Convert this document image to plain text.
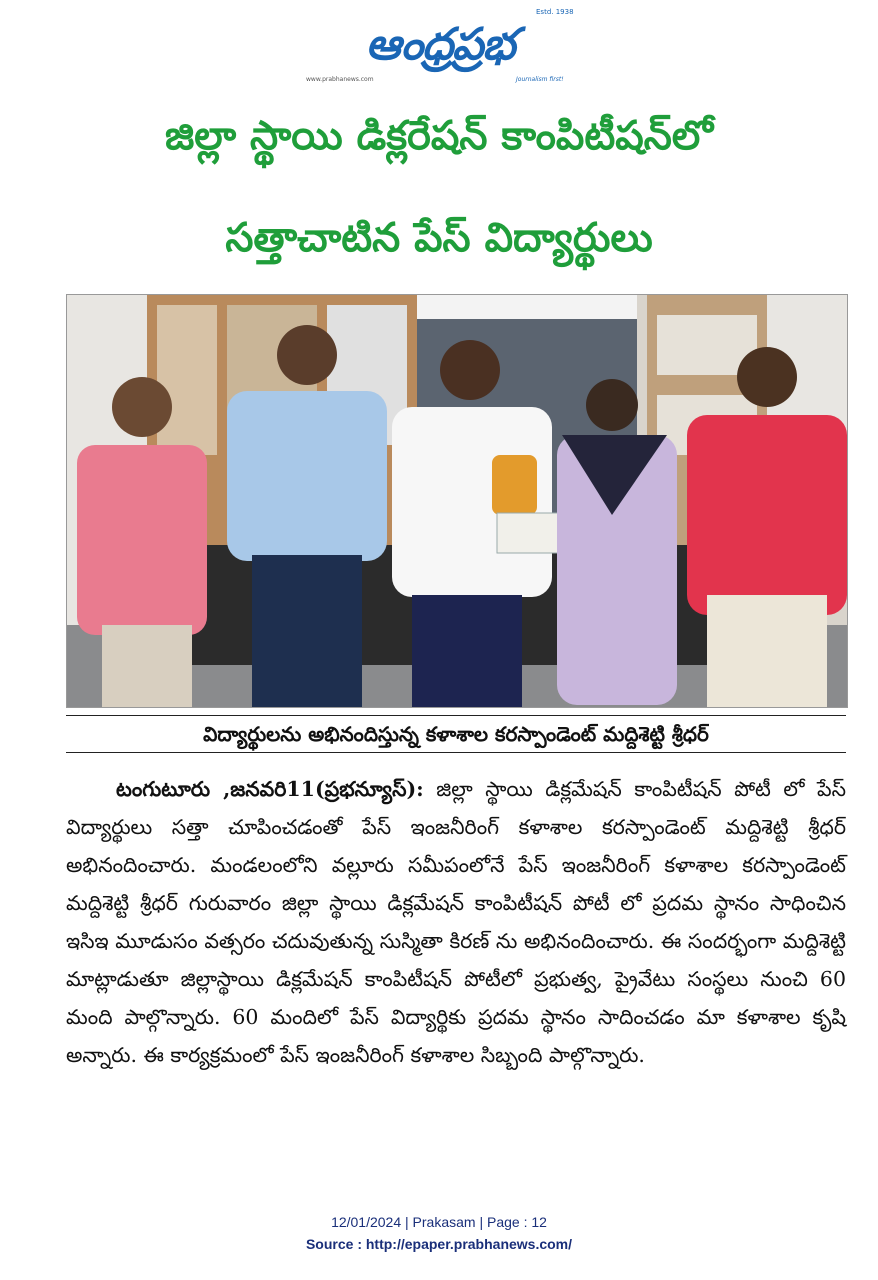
ఆంధ్రప్రభ
Estd. 1938
www.prabhanews.com	Journalism first!
జిల్లా స్థాయి డిక్లరేషన్ కాంపిటీషన్‌లో
సత్తాచాటిన పేస్ విద్యార్థులు
విద్యార్థులను అభినందిస్తున్న కళాశాల కరస్పాండెంట్ మద్దిశెట్టి శ్రీధర్
టంగుటూరు ,జనవరి11(ప్రభన్యూస్): జిల్లా స్థాయి డిక్లమేషన్ కాంపిటీషన్ పోటీ లో పేస్ విద్యార్థులు సత్తా చూపించడంతో పేస్ ఇంజనీరింగ్ కళాశాల కరస్పాండెంట్ మద్దిశెట్టి శ్రీధర్ అభినందించారు. మండలంలోని వల్లూరు సమీపంలోనే పేస్ ఇంజనీరింగ్ కళాశాల కరస్పాండెంట్ మద్దిశెట్టి శ్రీధర్ గురువారం జిల్లా స్థాయి డిక్లమేషన్ కాంపిటీషన్ పోటీ లో ప్రదమ స్థానం సాధించిన ఇసిఇ మూడుసం వత్సరం చదువుతున్న సుస్మితా కిరణ్ ను అభినందించారు. ఈ సందర్భంగా మద్దిశెట్టి మాట్లాడుతూ జిల్లాస్థాయి డిక్లమేషన్ కాంపిటీషన్ పోటీలో ప్రభుత్వ, ప్రైవేటు సంస్థలు నుంచి 60 మంది పాల్గొన్నారు. 60 మందిలో పేస్ విద్యార్థికు ప్రదమ స్థానం సాదించడం మా కళాశాల కృషి అన్నారు. ఈ కార్యక్రమంలో పేస్ ఇంజనీరింగ్ కళాశాల సిబ్బంది పాల్గొన్నారు.
12/01/2024 | Prakasam | Page : 12
Source : http://epaper.prabhanews.com/
